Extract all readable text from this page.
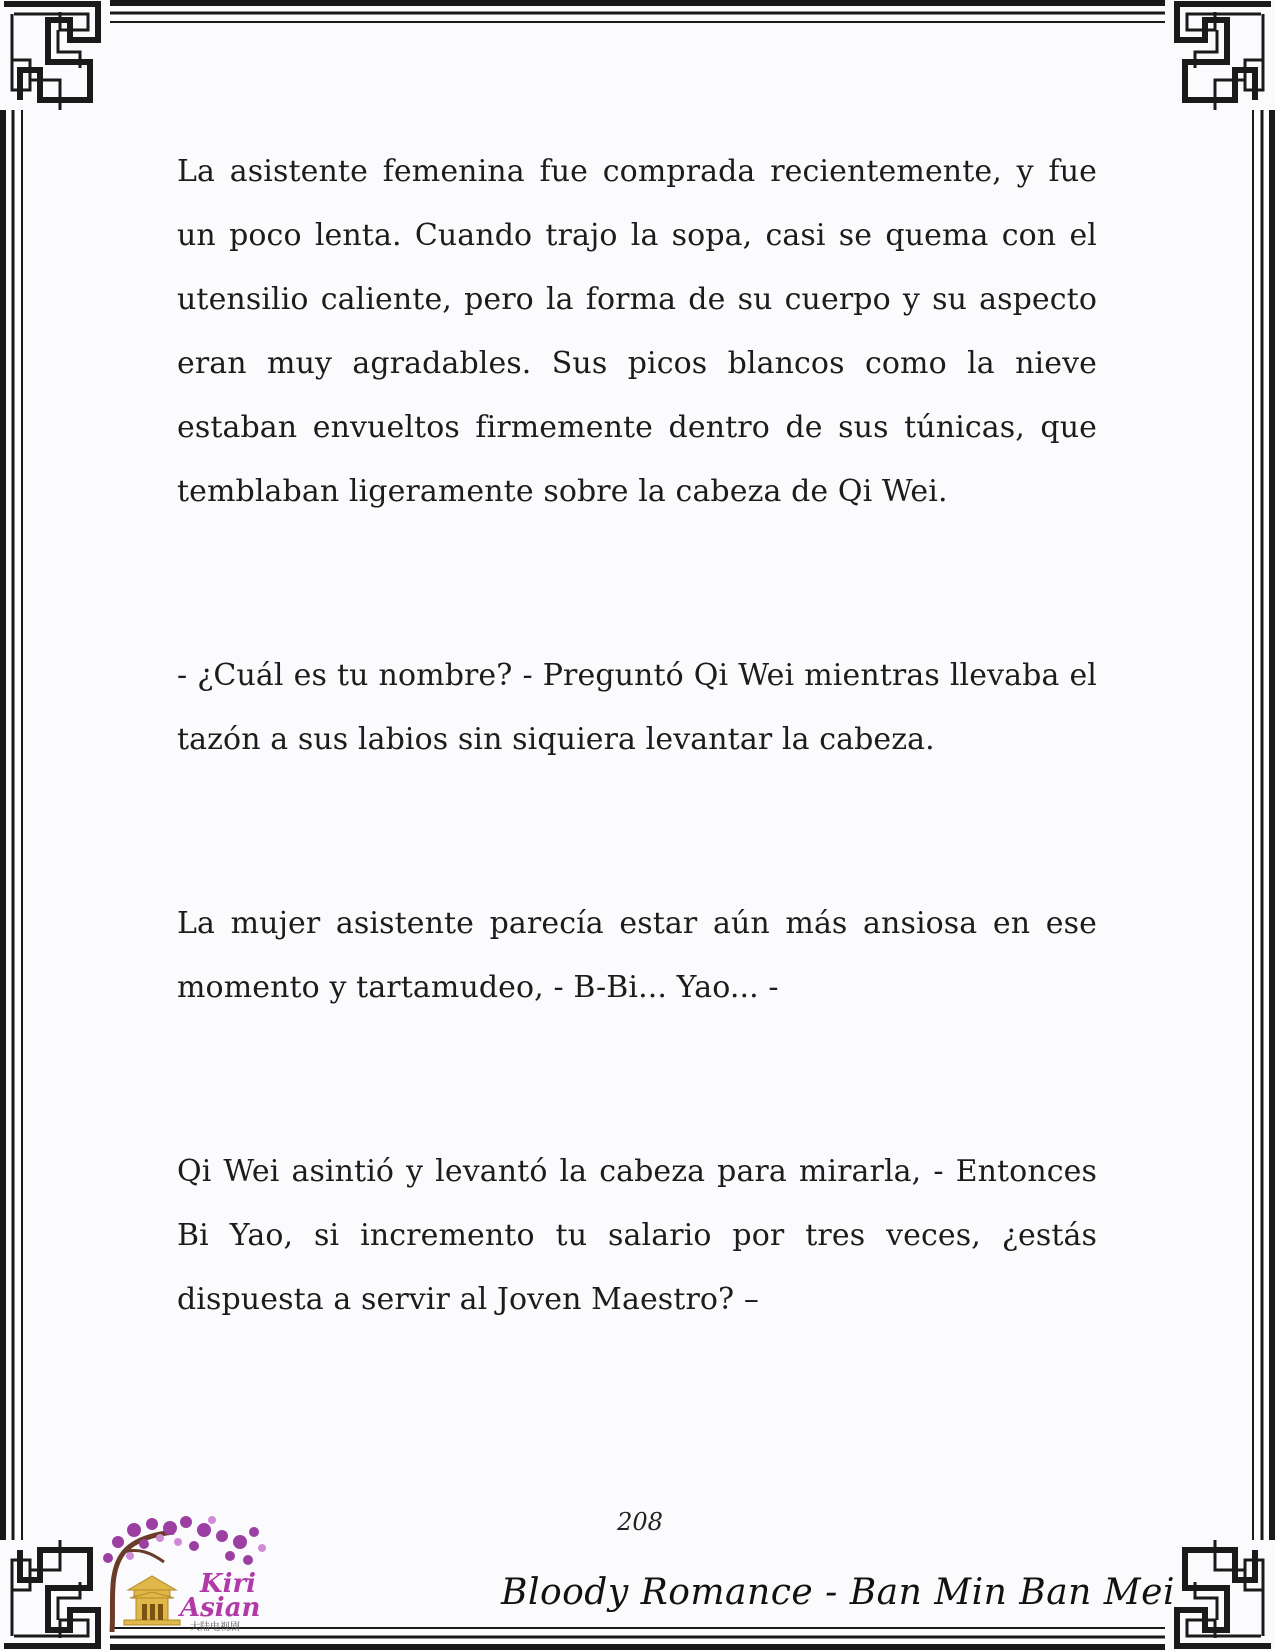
La asistente femenina fue comprada recientemente, y fue un poco lenta. Cuando trajo la sopa, casi se quema con el utensilio caliente, pero la forma de su cuerpo y su aspecto eran muy agradables. Sus picos blancos como la nieve estaban envueltos firmemente dentro de sus túnicas, que temblaban ligeramente sobre la cabeza de Qi Wei.

- ¿Cuál es tu nombre? - Preguntó Qi Wei mientras llevaba el tazón a sus labios sin siquiera levantar la cabeza.

La mujer asistente parecía estar aún más ansiosa en ese momento y tartamudeo, - B-Bi... Yao... -

Qi Wei asintió y levantó la cabeza para mirarla, - Entonces Bi Yao, si incremento tu salario por tres veces, ¿estás dispuesta a servir al Joven Maestro? –

Kiri
Asian
大陆电视剧
208
Bloody Romance - Ban Min Ban Mei
